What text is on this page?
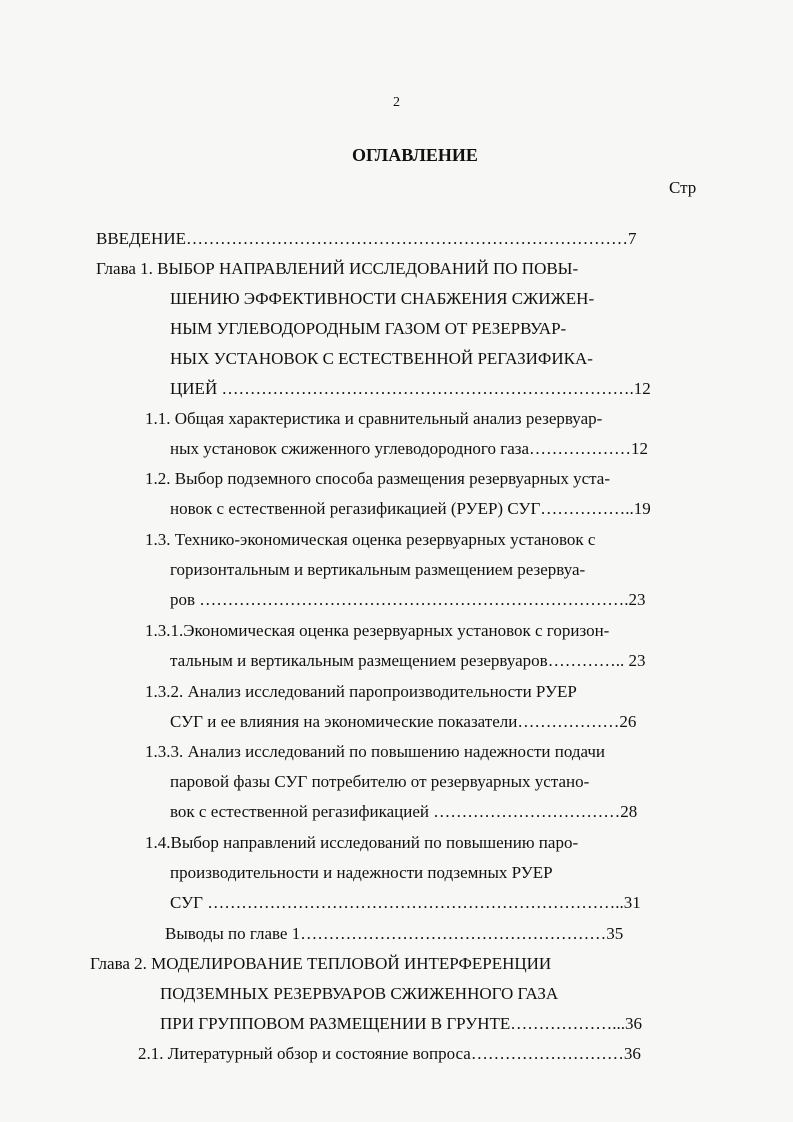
2
ОГЛАВЛЕНИЕ
Стр
ВВЕДЕНИЕ……………………………………………………………………7
Глава 1. ВЫБОР НАПРАВЛЕНИЙ ИССЛЕДОВАНИЙ ПО ПОВЫ-
ШЕНИЮ ЭФФЕКТИВНОСТИ СНАБЖЕНИЯ СЖИЖЕН-
НЫМ УГЛЕВОДОРОДНЫМ ГАЗОМ ОТ РЕЗЕРВУАР-
НЫХ УСТАНОВОК С ЕСТЕСТВЕННОЙ РЕГАЗИФИКА-
ЦИЕЙ ……………………………………………………………….12
1.1. Общая характеристика и сравнительный анализ резервуар-
ных установок сжиженного углеводородного газа………………12
1.2. Выбор подземного способа размещения резервуарных уста-
новок с естественной регазификацией (РУЕР) СУГ……………..19
1.3. Технико-экономическая оценка резервуарных установок с
горизонтальным и вертикальным размещением резервуа-
ров ………………………………………………………………….23
1.3.1.Экономическая оценка резервуарных установок с горизон-
тальным и вертикальным размещением резервуаров………….. 23
1.3.2. Анализ исследований паропроизводительности РУЕР
СУГ и ее влияния на экономические показатели………………26
1.3.3. Анализ исследований по повышению надежности подачи
паровой фазы СУГ потребителю от резервуарных устано-
вок с естественной регазификацией ……………………………28
1.4.Выбор направлений исследований по повышению паро-
производительности и надежности подземных РУЕР
СУГ ………………………………………………………………..31
Выводы по главе 1………………………………………………35
Глава 2. МОДЕЛИРОВАНИЕ ТЕПЛОВОЙ ИНТЕРФЕРЕНЦИИ
ПОДЗЕМНЫХ РЕЗЕРВУАРОВ СЖИЖЕННОГО ГАЗА
ПРИ ГРУППОВОМ РАЗМЕЩЕНИИ В ГРУНТЕ………………...36
2.1. Литературный обзор и состояние вопроса………………………36
